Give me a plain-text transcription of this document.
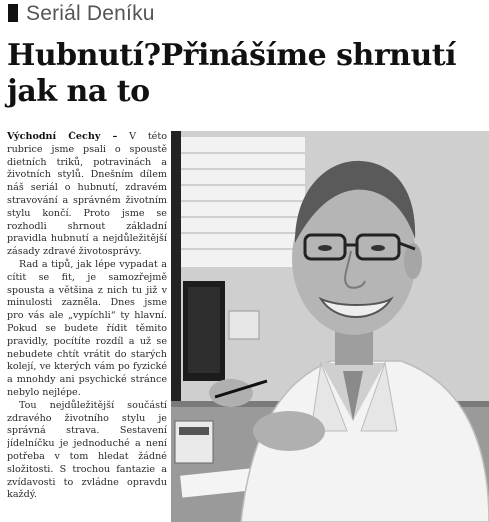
Seriál Deníku
Hubnutí?Přinášíme shrnutí jak na to

Východní Čechy – V této rubrice jsme psali o spoustě dietních triků, potravinách a životních stylů. Dnešním dílem náš seriál o hubnutí, zdravém stravování a správném životním stylu končí. Proto jsme se rozhodli shrnout základní pravidla hubnutí a nejdůležitější zásady zdravé životosprávy.

Rad a tipů, jak lépe vypadat a cítit se fit, je samozřejmě spousta a většina z nich tu již v minulosti zazněla. Dnes jsme pro vás ale „vypíchli“ ty hlavní. Pokud se budete řídit těmito pravidly, pocítíte rozdíl a už se nebudete chtít vrátit do starých kolejí, ve kterých vám po fyzické a mnohdy ani psychické stránce nebylo nejlépe.

Tou nejdůležitější součástí zdravého životního stylu je správná strava. Sestavení jídelníčku je jednoduché a není potřeba v tom hledat žádné složitosti. S trochou fantazie a zvídavosti to zvládne opravdu každý.
